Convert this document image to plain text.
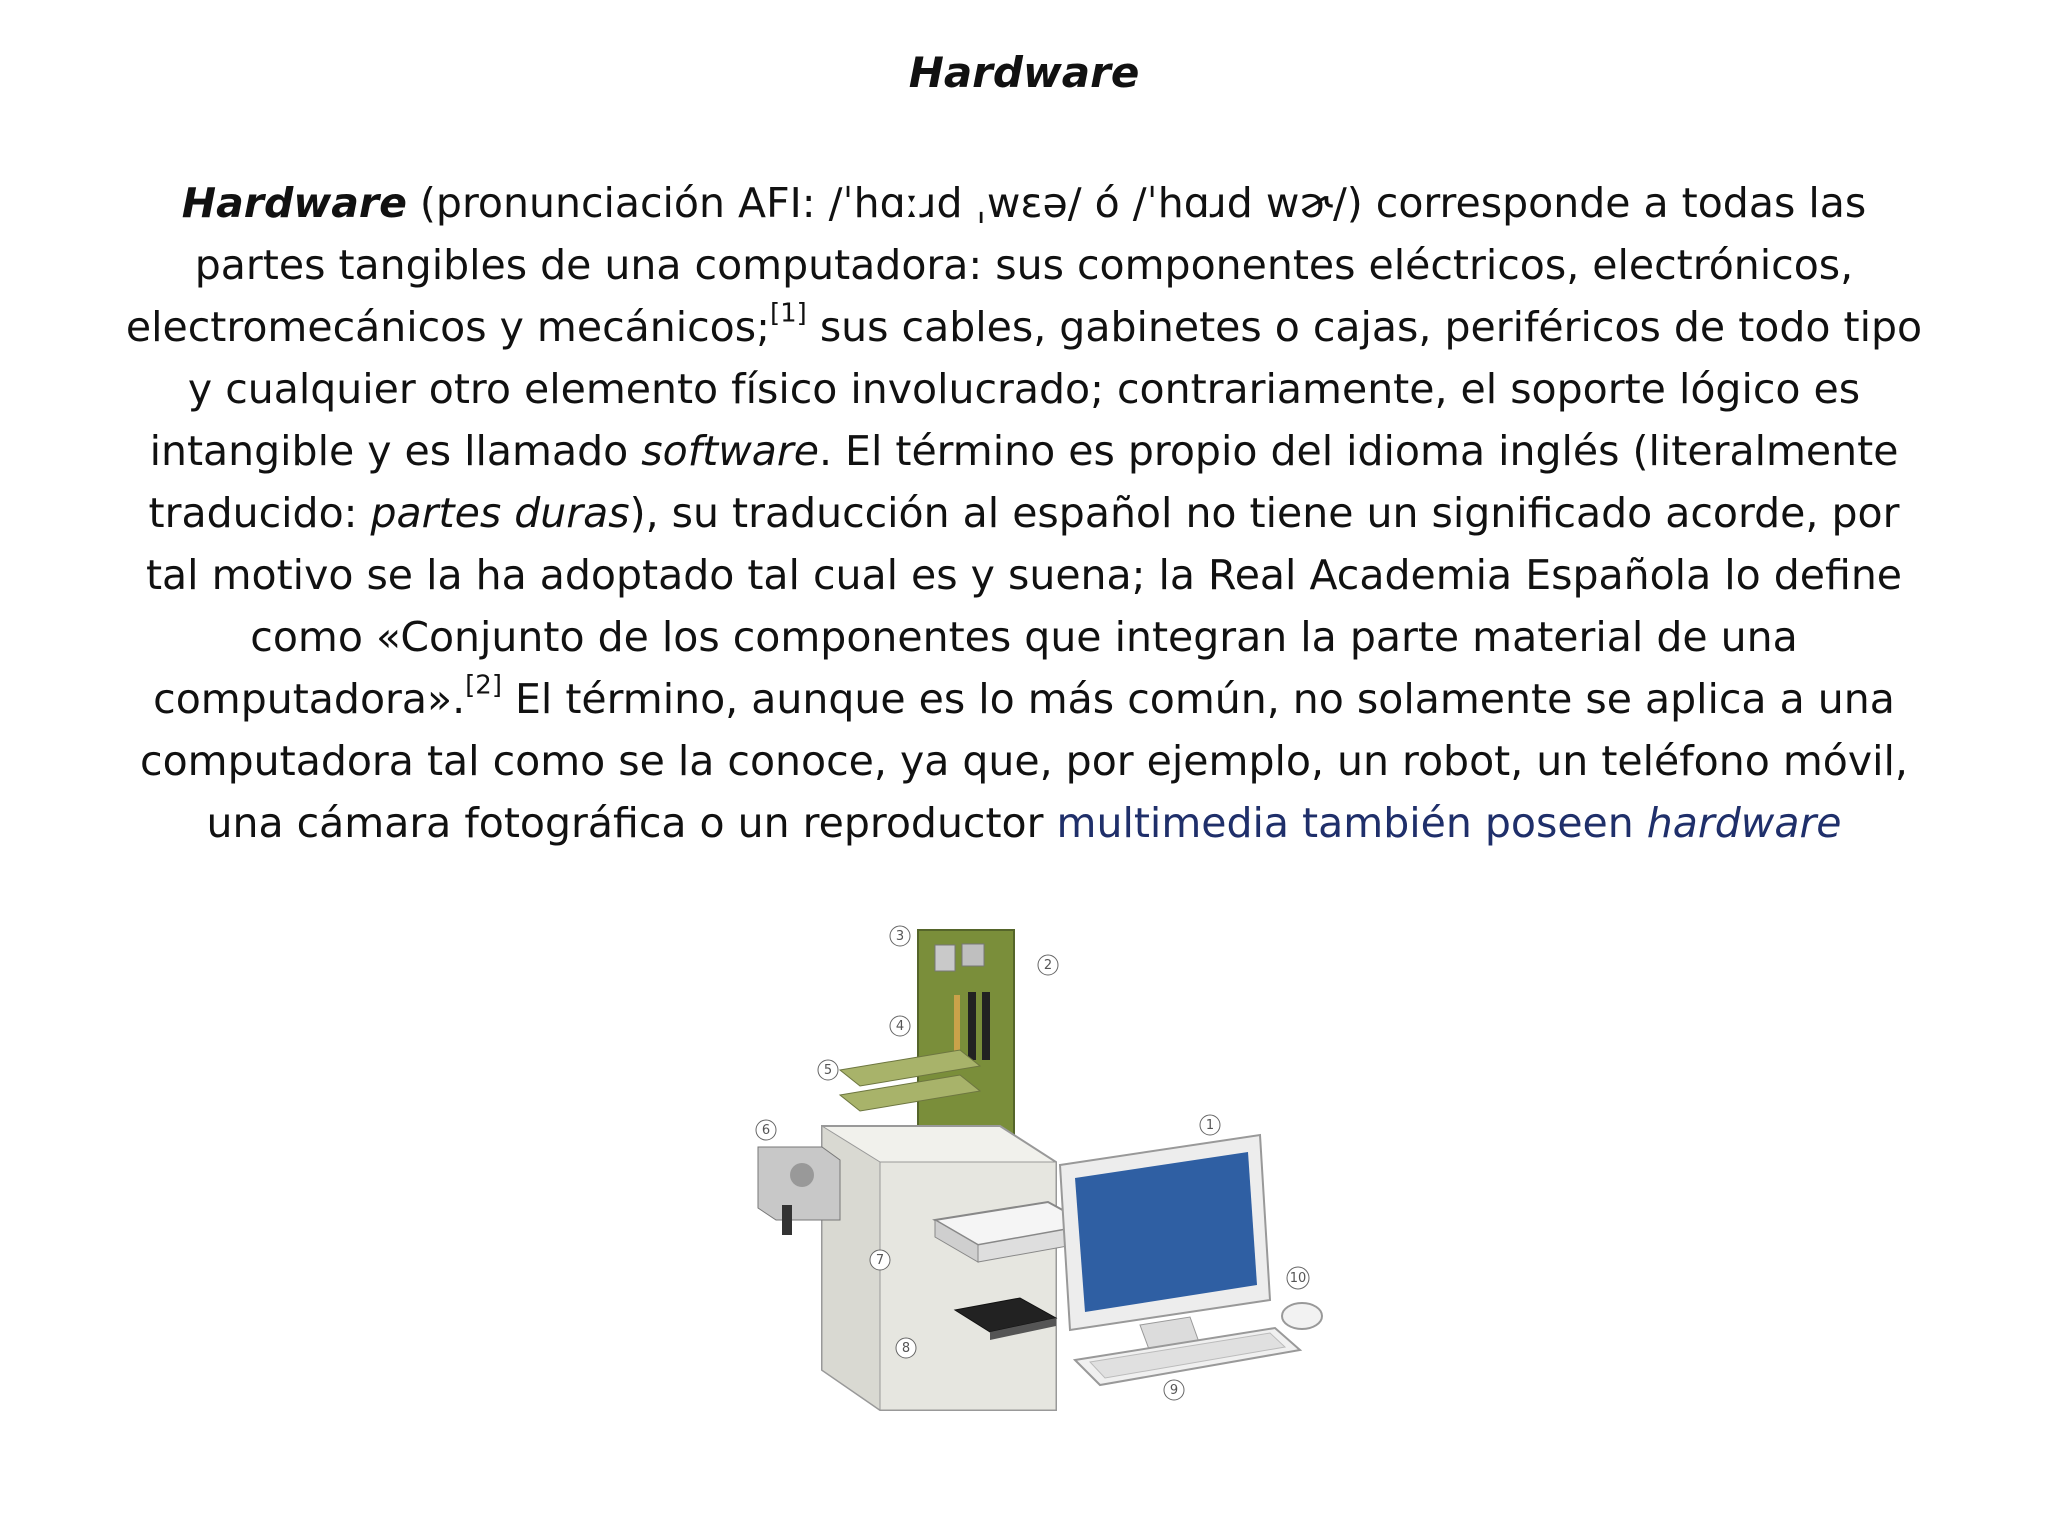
Hardware

Hardware (pronunciación AFI: /ˈhɑːɹd ˌwɛə/ ó /ˈhɑɹd wɚ/) corresponde a todas las partes tangibles de una computadora: sus componentes eléctricos, electrónicos, electromecánicos y mecánicos;[1] sus cables, gabinetes o cajas, periféricos de todo tipo y cualquier otro elemento físico involucrado; contrariamente, el soporte lógico es intangible y es llamado software. El término es propio del idioma inglés (literalmente traducido: partes duras), su traducción al español no tiene un significado acorde, por tal motivo se la ha adoptado tal cual es y suena; la Real Academia Española lo define como «Conjunto de los componentes que integran la parte material de una computadora».[2] El término, aunque es lo más común, no solamente se aplica a una computadora tal como se la conoce, ya que, por ejemplo, un robot, un teléfono móvil, una cámara fotográfica o un reproductor multimedia también poseen hardware

3
2
4
5
6	1
7
8
10
9
